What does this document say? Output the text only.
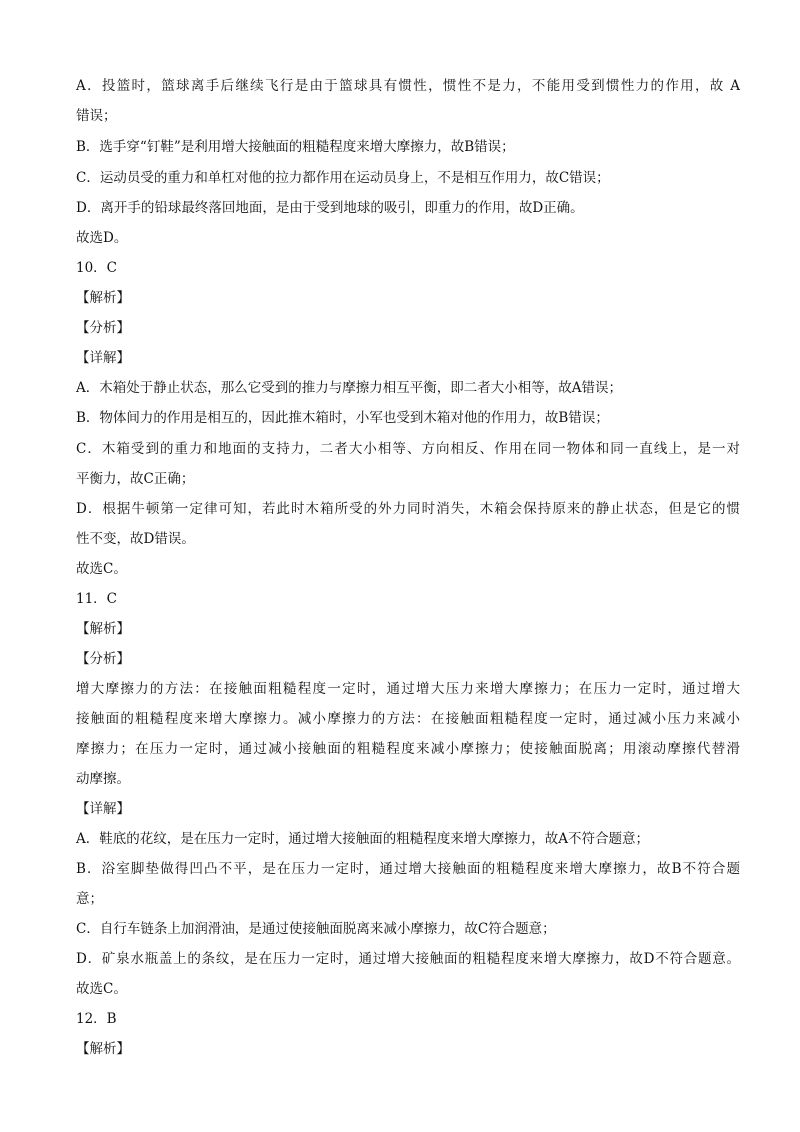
A．投篮时，篮球离手后继续飞行是由于篮球具有惯性，惯性不是力，不能用受到惯性力的作用，故 A
错误；
B．选手穿“钉鞋”是利用增大接触面的粗糙程度来增大摩擦力，故B错误；
C．运动员受的重力和单杠对他的拉力都作用在运动员身上，不是相互作用力，故C错误；
D．离开手的铅球最终落回地面，是由于受到地球的吸引，即重力的作用，故D正确。
故选D。
10．C
【解析】
【分析】
【详解】
A．木箱处于静止状态，那么它受到的推力与摩擦力相互平衡，即二者大小相等，故A错误；
B．物体间力的作用是相互的，因此推木箱时，小军也受到木箱对他的作用力，故B错误；
C．木箱受到的重力和地面的支持力，二者大小相等、方向相反、作用在同一物体和同一直线上，是一对
平衡力，故C正确；
D．根据牛顿第一定律可知，若此时木箱所受的外力同时消失，木箱会保持原来的静止状态，但是它的惯
性不变，故D错误。
故选C。
11．C
【解析】
【分析】
增大摩擦力的方法：在接触面粗糙程度一定时，通过增大压力来增大摩擦力；在压力一定时，通过增大
接触面的粗糙程度来增大摩擦力。减小摩擦力的方法：在接触面粗糙程度一定时，通过减小压力来减小
摩擦力；在压力一定时，通过减小接触面的粗糙程度来减小摩擦力；使接触面脱离；用滚动摩擦代替滑
动摩擦。
【详解】
A．鞋底的花纹，是在压力一定时，通过增大接触面的粗糙程度来增大摩擦力，故A不符合题意；
B．浴室脚垫做得凹凸不平，是在压力一定时，通过增大接触面的粗糙程度来增大摩擦力，故B不符合题
意；
C．自行车链条上加润滑油，是通过使接触面脱离来减小摩擦力，故C符合题意；
D．矿泉水瓶盖上的条纹，是在压力一定时，通过增大接触面的粗糙程度来增大摩擦力，故D不符合题意。
故选C。
12．B
【解析】
